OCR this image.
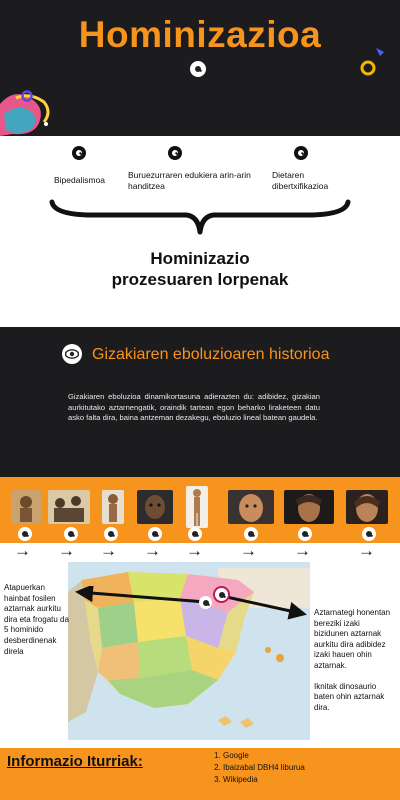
Hominizazioa
Bipedalismoa	Buruezurraren edukiera arin-arin handitzea
Dietaren dibertxifikazioa
Hominizazio prozesuaren lorpenak
Gizakiaren eboluzioaren historioa
Gizakiaren eboluzioa dinamikortasuna adierazten du: adibidez, gizakian aurkitutako aztarnengatik, oraindik tartean egon beharko liraketeen datu asko falta dira, baina antzeman dezakegu, eboluzio lineal batean gaudela.
→ → → → → → →	→
Atapuerkan hainbat fosilen aztarnak aurkitu dira eta frogatu da 5 hominido desberdinenak direla
Aztarnategi honentan bereziki izaki bizidunen aztarnak aurkitu dira adibidez izaki hauen ohin aztarnak.
Iknitak dinosaurio baten ohin aztarnak dira.
Informazio Iturriak:
1.	Google
2. Ibaizabal DBH4 liburua
3. Wikipedia
